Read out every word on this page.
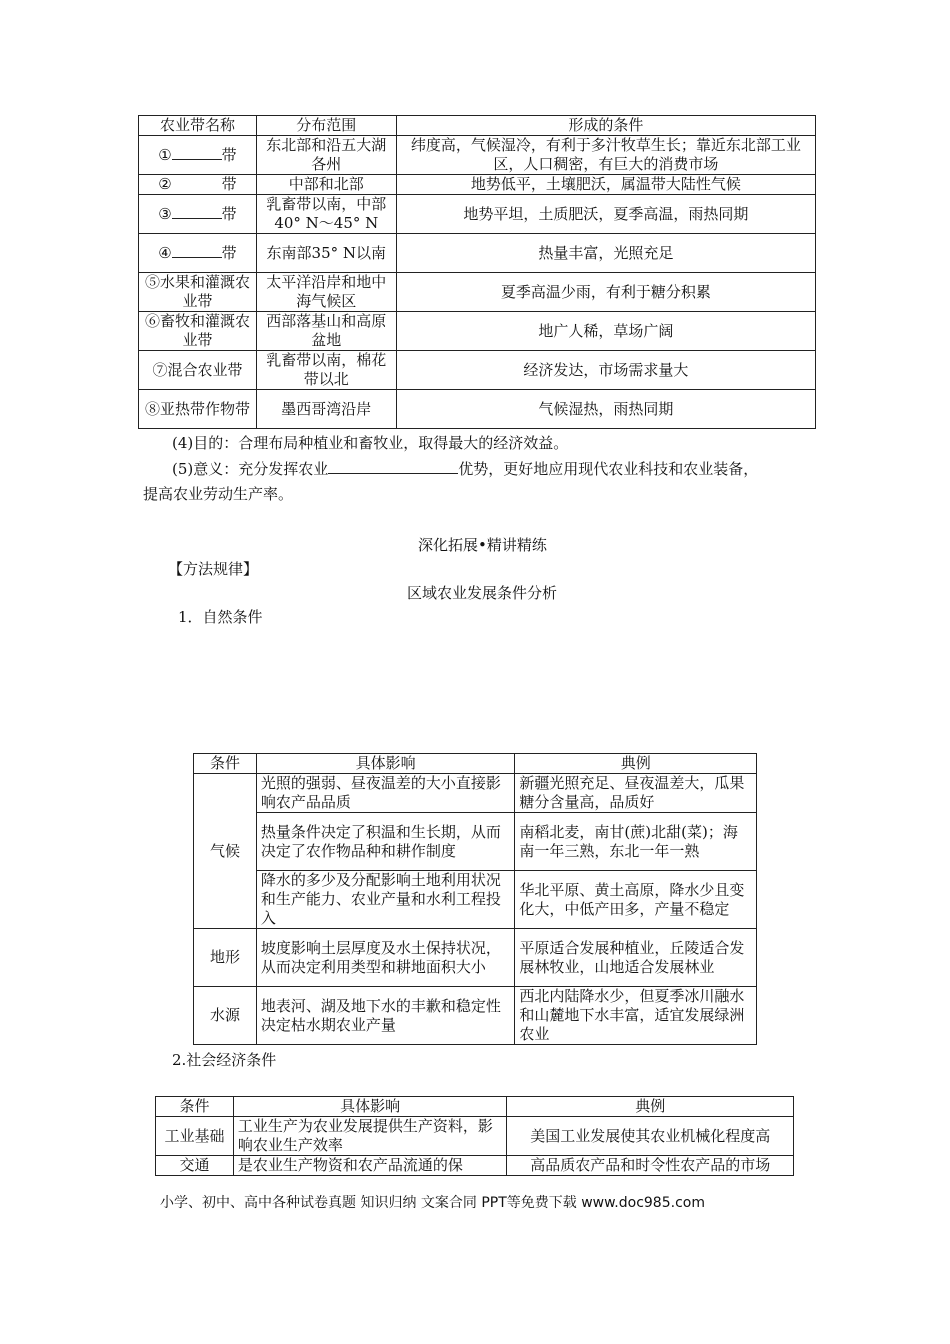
农业带名称	分布范围	形成的条件
① 带	东北部和沿五大湖各州	纬度高，气候湿冷，有利于多汁牧草生长；靠近东北部工业区，人口稠密，有巨大的消费市场
② 带	中部和北部	地势低平，土壤肥沃，属温带大陆性气候
③ 带	乳畜带以南，中部40° N～45° N	地势平坦，土质肥沃，夏季高温，雨热同期
④ 带	东南部35° N以南	热量丰富，光照充足
⑤水果和灌溉农业带	太平洋沿岸和地中海气候区	夏季高温少雨，有利于糖分积累
⑥畜牧和灌溉农业带	西部落基山和高原盆地	地广人稀，草场广阔
⑦混合农业带	乳畜带以南，棉花带以北	经济发达，市场需求量大
⑧亚热带作物带	墨西哥湾沿岸	气候湿热，雨热同期

(4)目的：合理布局种植业和畜牧业，取得最大的经济效益。

(5)意义：充分发挥农业	优势，更好地应用现代农业科技和农业装备，

提高农业劳动生产率。

深化拓展•精讲精练

【方法规律】

区域农业发展条件分析

1．自然条件

条件	具体影响	典例
气候	光照的强弱、昼夜温差的大小直接影响农产品品质	新疆光照充足、昼夜温差大，瓜果糖分含量高，品质好
	热量条件决定了积温和生长期，从而决定了农作物品种和耕作制度	南稻北麦，南甘(蔗)北甜(菜)；海南一年三熟，东北一年一熟
	降水的多少及分配影响土地利用状况和生产能力、农业产量和水利工程投入	华北平原、黄土高原，降水少且变化大，中低产田多，产量不稳定
地形	坡度影响土层厚度及水土保持状况，从而决定利用类型和耕地面积大小	平原适合发展种植业，丘陵适合发展林牧业，山地适合发展林业
水源	地表河、湖及地下水的丰歉和稳定性决定枯水期农业产量	西北内陆降水少，但夏季冰川融水和山麓地下水丰富，适宜发展绿洲农业

2.社会经济条件

条件	具体影响	典例
工业基础	工业生产为农业发展提供生产资料，影响农业生产效率	美国工业发展使其农业机械化程度高
交通	是农业生产物资和农产品流通的保	高品质农产品和时令性农产品的市场
小学、初中、高中各种试卷真题 知识归纳 文案合同 PPT等免费下载 www.doc985.com
